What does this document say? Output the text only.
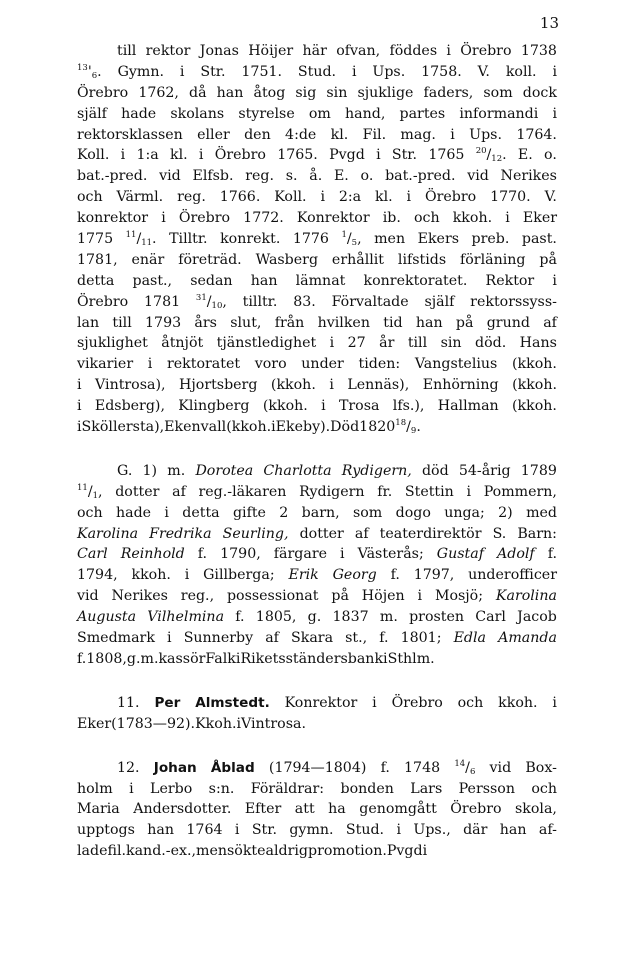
13
till rektor Jonas Höijer här ofvan, föddes i Örebro 1738
$^{13}'_6$. Gymn. i Str. 1751. Stud. i Ups. 1758. V. koll. i
Örebro 1762, då han åtog sig sin sjuklige faders, som dock
själf hade skolans styrelse om hand, partes informandi i
rektorsklassen eller den 4:de kl. Fil. mag. i Ups. 1764.
Koll. i 1:a kl. i Örebro 1765. Pvgd i Str. 1765 $^{20}/_{12}$. E. o.
bat.-pred. vid Elfsb. reg. s. å. E. o. bat.-pred. vid Nerikes
och Värml. reg. 1766. Koll. i 2:a kl. i Örebro 1770. V.
konrektor i Örebro 1772. Konrektor ib. och kkoh. i Eker
1775 $^{11}/_{11}$. Tilltr. konrekt. 1776 $^1/_5$, men Ekers preb. past.
1781, enär företräd. Wasberg erhållit lifstids förläning på
detta past., sedan han lämnat konrektoratet. Rektor i
Örebro 1781 $^{31}/_{10}$, tilltr. 83. Förvaltade själf rektorssyss-
lan till 1793 års slut, från hvilken tid han på grund af
sjuklighet åtnjöt tjänstledighet i 27 år till sin död. Hans
vikarier i rektoratet voro under tiden: Vangstelius (kkoh.
i Vintrosa), Hjortsberg (kkoh. i Lennäs), Enhörning (kkoh.
i Edsberg), Klingberg (kkoh. i Trosa lfs.), Hallman (kkoh.
i Sköllersta), Ekenvall (kkoh. i Ekeby). Död 1820 $^{18}/_9$.
G. 1) m. Dorotea Charlotta Rydigern, död 54-årig 1789
$^{11}/_1$, dotter af reg.-läkaren Rydigern fr. Stettin i Pommern,
och hade i detta gifte 2 barn, som dogo unga; 2) med
Karolina Fredrika Seurling, dotter af teaterdirektör S. Barn:
Carl Reinhold f. 1790, färgare i Västerås; Gustaf Adolf f.
1794, kkoh. i Gillberga; Erik Georg f. 1797, underofficer
vid Nerikes reg., possessionat på Höjen i Mosjö; Karolina
Augusta Vilhelmina f. 1805, g. 1837 m. prosten Carl Jacob
Smedmark i Sunnerby af Skara st., f. 1801; Edla Amanda
f. 1808, g. m. kassör Falk i Rikets ständers bank i Sthlm.
11. Per Almstedt. Konrektor i Örebro och kkoh. i
Eker (1783—92). Kkoh. i Vintrosa.
12. Johan Åblad (1794—1804) f. 1748 $^{14}/_6$ vid Box-
holm i Lerbo s:n. Föräldrar: bonden Lars Persson och
Maria Andersdotter. Efter att ha genomgått Örebro skola,
upptogs han 1764 i Str. gymn. Stud. i Ups., där han af-
lade fil. kand.-ex., men sökte aldrig promotion. Pvgd i
